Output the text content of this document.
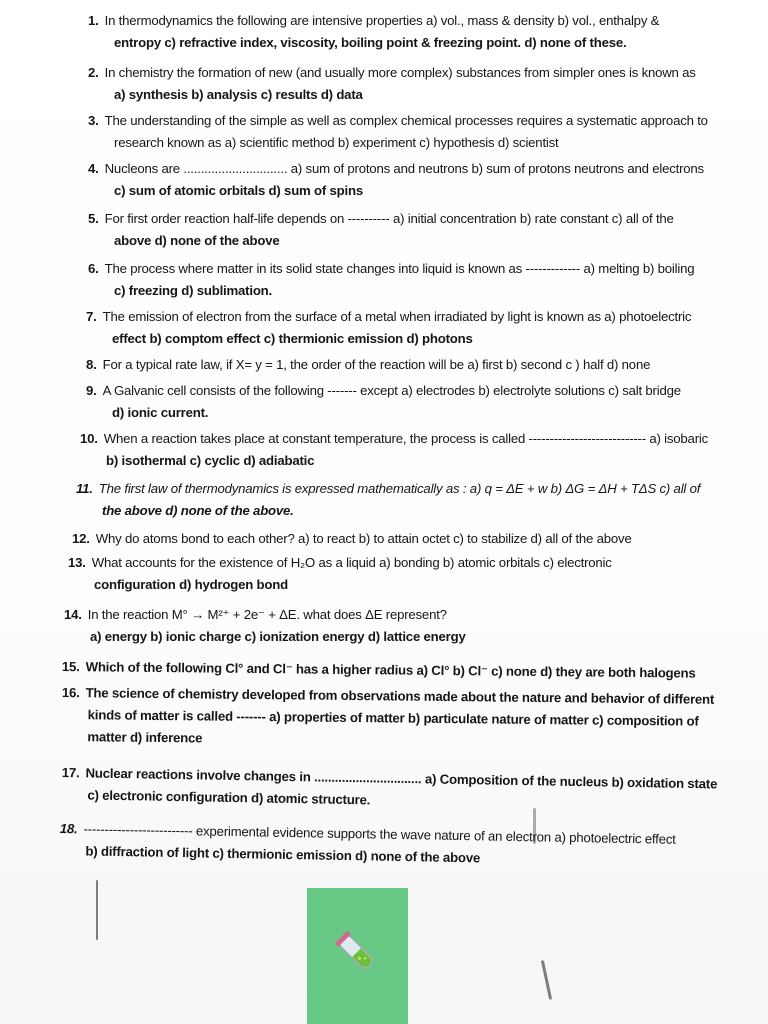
1. In thermodynamics the following are intensive properties a) vol., mass & density b) vol., enthalpy &
entropy c) refractive index, viscosity, boiling point & freezing point. d) none of these.
2. In chemistry the formation of new (and usually more complex) substances from simpler ones is known as
a) synthesis b) analysis c) results d) data
3. The understanding of the simple as well as complex chemical processes requires a systematic approach to
research known as a) scientific method b) experiment c) hypothesis d) scientist
4. Nucleons are .............................. a) sum of protons and neutrons b) sum of protons neutrons and electrons
c) sum of atomic orbitals d) sum of spins
5. For first order reaction half-life depends on ---------- a) initial concentration b) rate constant c) all of the
above d) none of the above
6. The process where matter in its solid state changes into liquid is known as ------------- a) melting b) boiling
c) freezing d) sublimation.
7. The emission of electron from the surface of a metal when irradiated by light is known as a) photoelectric
effect b) comptom effect c) thermionic emission d) photons
8. For a typical rate law, if X= y = 1, the order of the reaction will be a) first b) second c ) half d) none
9. A Galvanic cell consists of the following ------- except a) electrodes b) electrolyte solutions c) salt bridge
d) ionic current.
10. When a reaction takes place at constant temperature, the process is called ---------------------------- a) isobaric
b) isothermal c) cyclic d) adiabatic
11. The first law of thermodynamics is expressed mathematically as : a) q = ΔE + w b) ΔG = ΔH + TΔS c) all of
the above d) none of the above.
12. Why do atoms bond to each other? a) to react b) to attain octet c) to stabilize d) all of the above
13. What accounts for the existence of H₂O as a liquid a) bonding b) atomic orbitals c) electronic
configuration d) hydrogen bond
14. In the reaction M° → M²⁺ + 2e⁻ + ΔE. what does ΔE represent?
a) energy b) ionic charge c) ionization energy d) lattice energy
15. Which of the following Cl° and Cl⁻ has a higher radius a) Cl° b) Cl⁻ c) none d) they are both halogens
16. The science of chemistry developed from observations made about the nature and behavior of different
kinds of matter is called ------- a) properties of matter b) particulate nature of matter c) composition of
matter d) inference
17. Nuclear reactions involve changes in ............................... a) Composition of the nucleus b) oxidation state
c) electronic configuration d) atomic structure.
18. -------------------------- experimental evidence supports the wave nature of an electron a) photoelectric effect
b) diffraction of light c) thermionic emission d) none of the above
